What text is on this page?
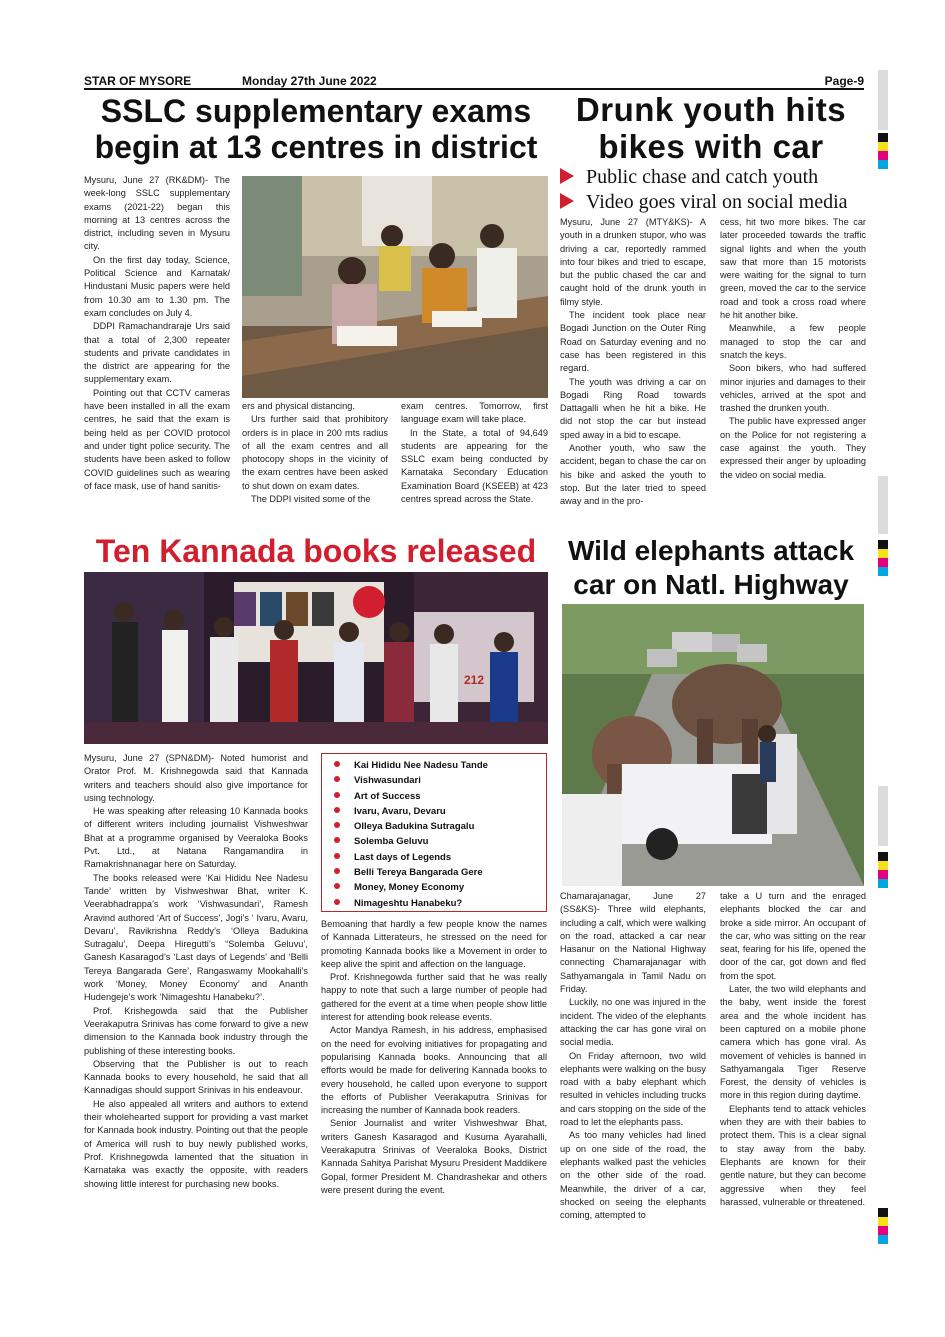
STAR OF MYSORE	Monday 27th June 2022	Page-9
SSLC supplementary exams begin at 13 centres in district

Mysuru, June 27 (RK&DM)- The week-long SSLC supplementary exams (2021-22) began this morning at 13 centres across the district, including seven in Mysuru city.

On the first day today, Science, Political Science and Karnatak/ Hindustani Music papers were held from 10.30 am to 1.30 pm. The exam concludes on July 4.

DDPI Ramachandraraje Urs said that a total of 2,300 repeater students and private candidates in the district are appearing for the supplementary exam.

Pointing out that CCTV cameras have been installed in all the exam centres, he said that the exam is being held as per COVID protocol and under tight police security. The students have been asked to follow COVID guidelines such as wearing of face mask, use of hand sanitis-

ers and physical distancing.

Urs further said that prohibitory orders is in place in 200 mts radius of all the exam centres and all photocopy shops in the vicinity of the exam centres have been asked to shut down on exam dates.

The DDPI visited some of the

exam centres. Tomorrow, first language exam will take place.

In the State, a total of 94,649 students are appearing for the SSLC exam being conducted by Karnataka Secondary Education Examination Board (KSEEB) at 423 centres spread across the State.

Drunk youth hits bikes with car
Public chase and catch youth
Video goes viral on social media

Mysuru, June 27 (MTY&KS)- A youth in a drunken stupor, who was driving a car, reportedly rammed into four bikes and tried to escape, but the public chased the car and caught hold of the drunk youth in filmy style.

The incident took place near Bogadi Junction on the Outer Ring Road on Saturday evening and no case has been registered in this regard.

The youth was driving a car on Bogadi Ring Road towards Dattagalli when he hit a bike. He did not stop the car but instead sped away in a bid to escape.

Another youth, who saw the accident, began to chase the car on his bike and asked the youth to stop. But the later tried to speed away and in the pro-

cess, hit two more bikes. The car later proceeded towards the traffic signal lights and when the youth saw that more than 15 motorists were waiting for the signal to turn green, moved the car to the service road and took a cross road where he hit another bike.

Meanwhile, a few people managed to stop the car and snatch the keys.

Soon bikers, who had suffered minor injuries and damages to their vehicles, arrived at the spot and trashed the drunken youth.

The public have expressed anger on the Police for not registering a case against the youth. They expressed their anger by uploading the video on social media.

Ten Kannada books released
212

Mysuru, June 27 (SPN&DM)- Noted humorist and Orator Prof. M. Krishnegowda said that Kannada writers and teachers should also give importance for using technology.

He was speaking after releasing 10 Kannada books of different writers including journalist Vishweshwar Bhat at a programme organised by Veeraloka Books Pvt. Ltd., at Natana Rangamandira in Ramakrishnanagar here on Saturday.

The books released were ‘Kai Hididu Nee Nadesu Tande’ written by Vishweshwar Bhat, writer K. Veerabhadrappa’s work ‘Vishwasundari’, Ramesh Aravind authored ‘Art of Success’, Jogi’s ‘ Ivaru, Avaru, Devaru’, Ravikrishna Reddy’s ‘Olleya Badukina Sutragalu’, Deepa Hiregutti’s “Solemba Geluvu’, Ganesh Kasaragod’s ‘Last days of Legends’ and ‘Belli Tereya Bangarada Gere’, Rangaswamy Mookahalli’s work ‘Money, Money Economy’ and Ananth Hudengeje’s work ‘Nimageshtu Hanabeku?’.

Prof. Krishegowda said that the Publisher Veerakaputra Srinivas has come forward to give a new dimension to the Kannada book industry through the publishing of these interesting books.

Observing that the Publisher is out to reach Kannada books to every household, he said that all Kannadigas should support Srinivas in his endeavour.

He also appealed all writers and authors to extend their wholehearted support for providing a vast market for Kannada book industry. Pointing out that the people of America will rush to buy newly published works, Prof. Krishnegowda lamented that the situation in Karnataka was exactly the opposite, with readers showing little interest for purchasing new books.

Kai Hididu Nee Nadesu Tande
Vishwasundari
Art of Success
Ivaru, Avaru, Devaru
Olleya Badukina Sutragalu
Solemba Geluvu
Last days of Legends
Belli Tereya Bangarada Gere
Money, Money Economy
Nimageshtu Hanabeku?

Bemoaning that hardly a few people know the names of Kannada Litterateurs, he stressed on the need for promoting Kannada books like a Movement in order to keep alive the spirit and affection on the language.

Prof. Krishnegowda further said that he was really happy to note that such a large number of people had gathered for the event at a time when people show little interest for attending book release events.

Actor Mandya Ramesh, in his address, emphasised on the need for evolving initiatives for propagating and popularising Kannada books. Announcing that all efforts would be made for delivering Kannada books to every household, he called upon everyone to support the efforts of Publisher Veerakaputra Srinivas for increasing the number of Kannada book readers.

Senior Journalist and writer Vishweshwar Bhat, writers Ganesh Kasaragod and Kusuma Ayarahalli, Veerakaputra Srinivas of Veeraloka Books, District Kannada Sahitya Parishat Mysuru President Maddikere Gopal, former President M. Chandrashekar and others were present during the event.

Wild elephants attack car on Natl. Highway

Chamarajanagar, June 27 (SS&KS)- Three wild elephants, including a calf, which were walking on the road, attacked a car near Hasanur on the National Highway connecting Chamarajanagar with Sathyamangala in Tamil Nadu on Friday.

Luckily, no one was injured in the incident. The video of the elephants attacking the car has gone viral on social media.

On Friday afternoon, two wild elephants were walking on the busy road with a baby elephant which resulted in vehicles including trucks and cars stopping on the side of the road to let the elephants pass.

As too many vehicles had lined up on one side of the road, the elephants walked past the vehicles on the other side of the road. Meanwhile, the driver of a car, shocked on seeing the elephants coming, attempted to

take a U turn and the enraged elephants blocked the car and broke a side mirror. An occupant of the car, who was sitting on the rear seat, fearing for his life, opened the door of the car, got down and fled from the spot.

Later, the two wild elephants and the baby, went inside the forest area and the whole incident has been captured on a mobile phone camera which has gone viral. As movement of vehicles is banned in Sathyamangala Tiger Reserve Forest, the density of vehicles is more in this region during daytime.

Elephants tend to attack vehicles when they are with their babies to protect them. This is a clear signal to stay away from the baby. Elephants are known for their gentle nature, but they can become aggressive when they feel harassed, vulnerable or threatened.
